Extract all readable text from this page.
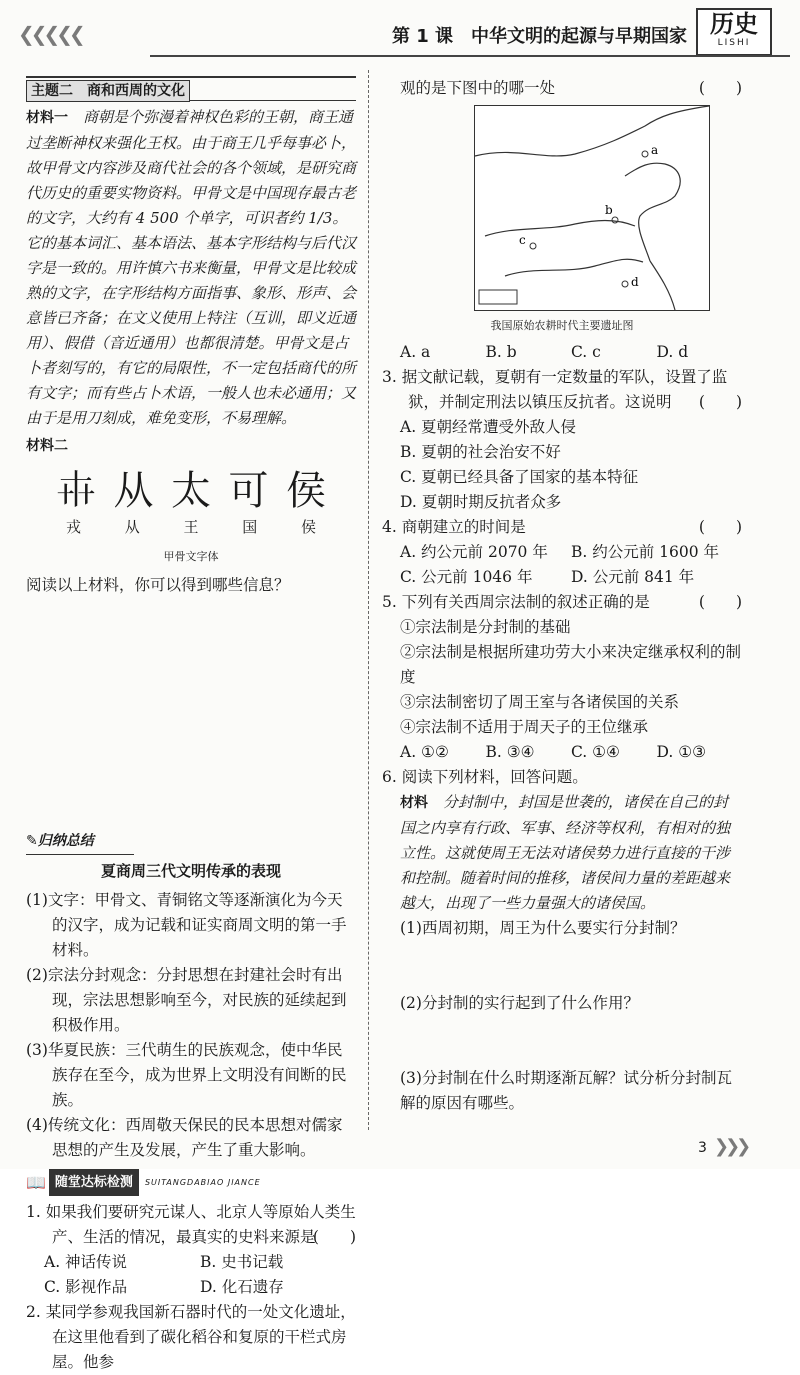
❮❮❮❮❮	第 1 课　中华文明的起源与早期国家 历史
LISHI
主题二　商和西周的文化

材料一　商朝是个弥漫着神权色彩的王朝，商王通过垄断神权来强化王权。由于商王几乎每事必卜，故甲骨文内容涉及商代社会的各个领域，是研究商代历史的重要实物资料。甲骨文是中国现存最古老的文字，大约有 4 500 个单字，可识者约 1/3。它的基本词汇、基本语法、基本字形结构与后代汉字是一致的。用许慎六书来衡量，甲骨文是比较成熟的文字，在字形结构方面指事、象形、形声、会意皆已齐备；在文义使用上特注（互训，即义近通用）、假借（音近通用）也都很清楚。甲骨文是占卜者刻写的，有它的局限性，不一定包括商代的所有文字；而有些占卜术语，一般人也未必通用；又由于是用刀刻成，难免变形，不易理解。

材料二

𠦃 从 太 可 侯
戎	从	王	国	侯
甲骨文字体

阅读以上材料，你可以得到哪些信息？

✎归纳总结
夏商周三代文明传承的表现

(1)文字：甲骨文、青铜铭文等逐渐演化为今天的汉字，成为记载和证实商周文明的第一手材料。

(2)宗法分封观念：分封思想在封建社会时有出现，宗法思想影响至今，对民族的延续起到积极作用。

(3)华夏民族：三代萌生的民族观念，使中华民族存在至今，成为世界上文明没有间断的民族。

(4)传统文化：西周敬天保民的民本思想对儒家思想的产生及发展，产生了重大影响。

📖 随堂达标检测	SUITANGDABIAO JIANCE

1. 如果我们要研究元谋人、北京人等原始人类生产、生活的情况，最真实的史料来源是
(　　)

A. 神话传说	B. 史书记载
C. 影视作品	D. 化石遗存

2. 某同学参观我国新石器时代的一处文化遗址，在这里他看到了碳化稻谷和复原的干栏式房屋。他参

观的是下图中的哪一处	(　　)

a
b
c
d
我国原始农耕时代主要遗址图
A. a	B. b	C. c	D. d

3. 据文献记载，夏朝有一定数量的军队，设置了监狱，并制定刑法以镇压反抗者。这说明 (　　)

A. 夏朝经常遭受外敌人侵

B. 夏朝的社会治安不好

C. 夏朝已经具备了国家的基本特征

D. 夏朝时期反抗者众多

4. 商朝建立的时间是	(　　)

A. 约公元前 2070 年	B. 约公元前 1600 年
C. 公元前 1046 年	D. 公元前 841 年

5. 下列有关西周宗法制的叙述正确的是	(　　)

①宗法制是分封制的基础

②宗法制是根据所建功劳大小来决定继承权利的制度

③宗法制密切了周王室与各诸侯国的关系

④宗法制不适用于周天子的王位继承

A. ①②	B. ③④	C. ①④	D. ①③

6. 阅读下列材料，回答问题。

材料　分封制中，封国是世袭的，诸侯在自己的封国之内享有行政、军事、经济等权利，有相对的独立性。这就使周王无法对诸侯势力进行直接的干涉和控制。随着时间的推移，诸侯间力量的差距越来越大，出现了一些力量强大的诸侯国。

(1)西周初期，周王为什么要实行分封制？

(2)分封制的实行起到了什么作用？

(3)分封制在什么时期逐渐瓦解？试分析分封制瓦解的原因有哪些。

3 ❯❯❯
